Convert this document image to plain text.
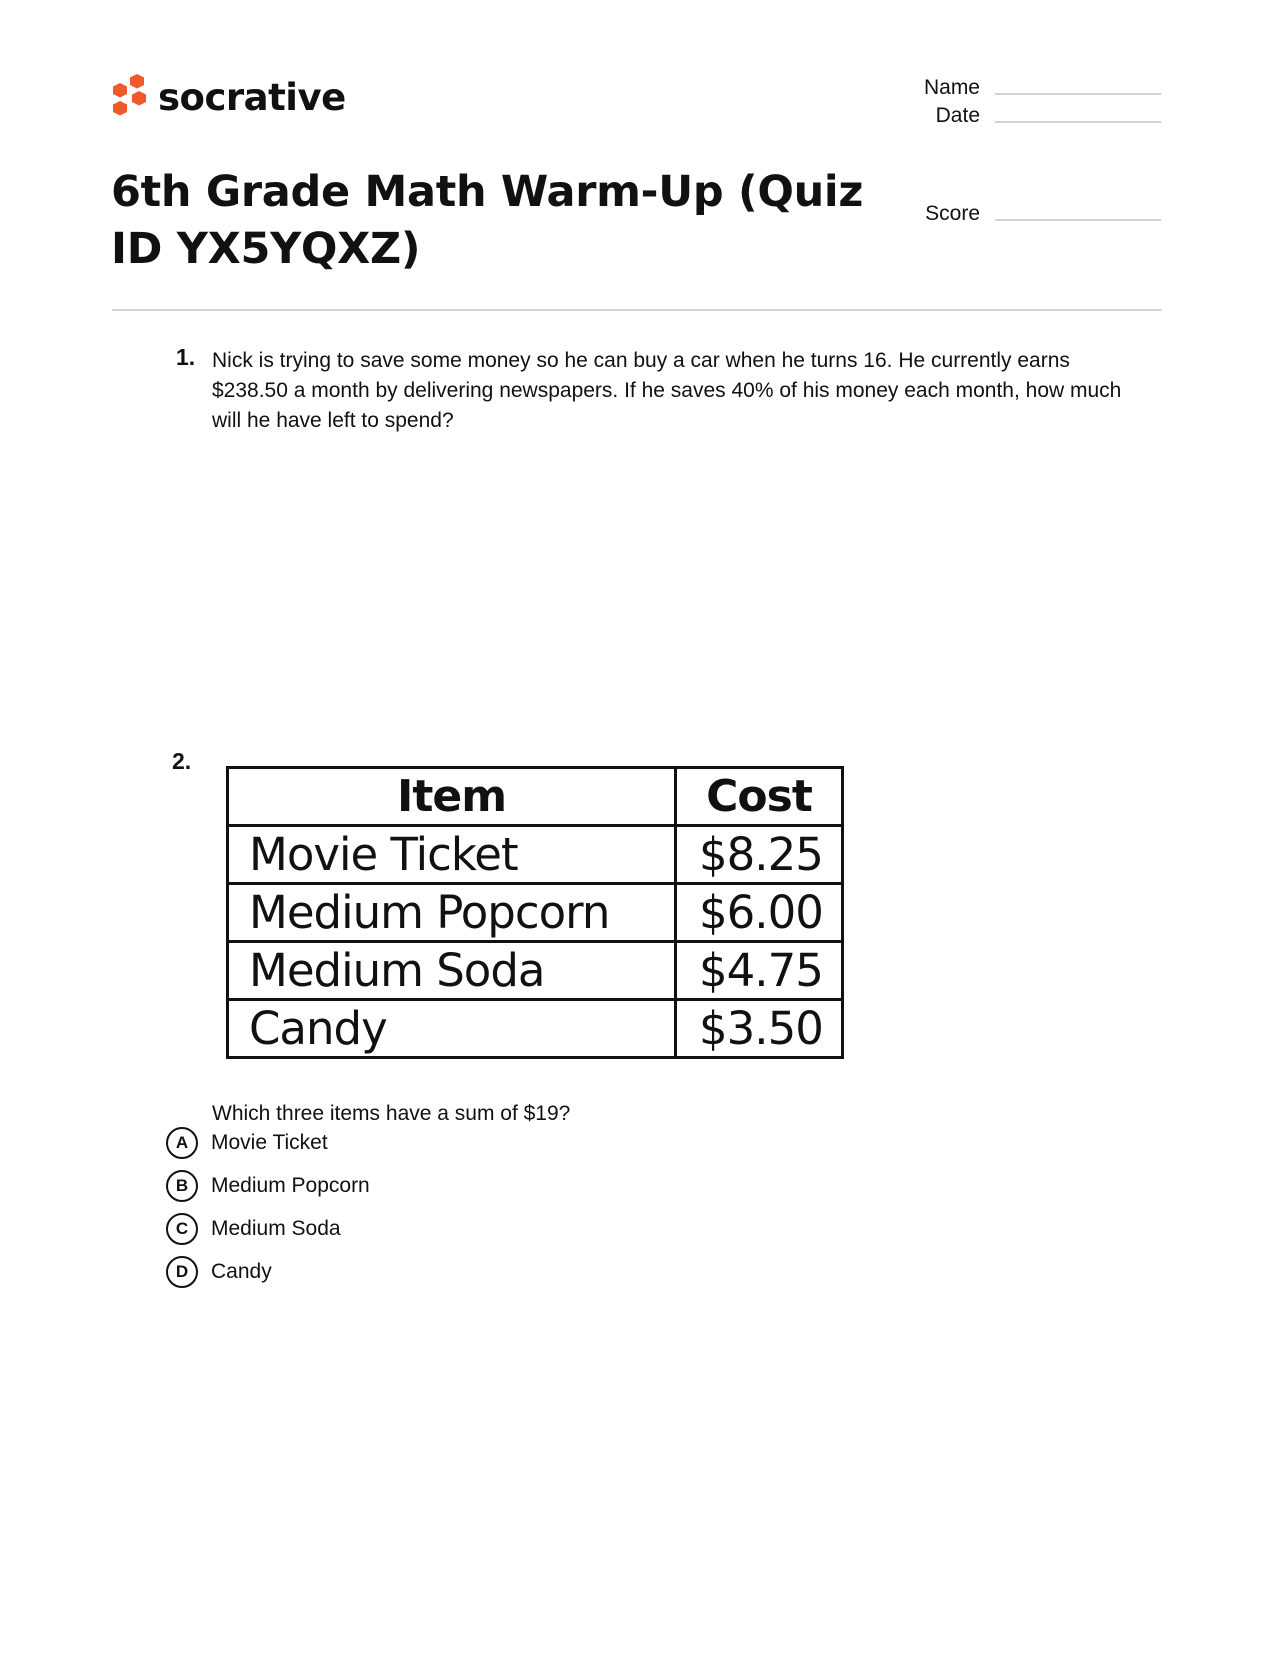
socrative
6th Grade Math Warm-Up (Quiz ID YX5YQXZ)
Name
Date
Score
1. Nick is trying to save some money so he can buy a car when he turns 16. He currently earns $238.50 a month by delivering newspapers. If he saves 40% of his money each month, how much will he have left to spend?
2.
Item	Cost
Movie Ticket	$8.25
Medium Popcorn	$6.00
Medium Soda	$4.75
Candy	$3.50
Which three items have a sum of $19?
A	Movie Ticket
B	Medium Popcorn
C	Medium Soda
D	Candy
